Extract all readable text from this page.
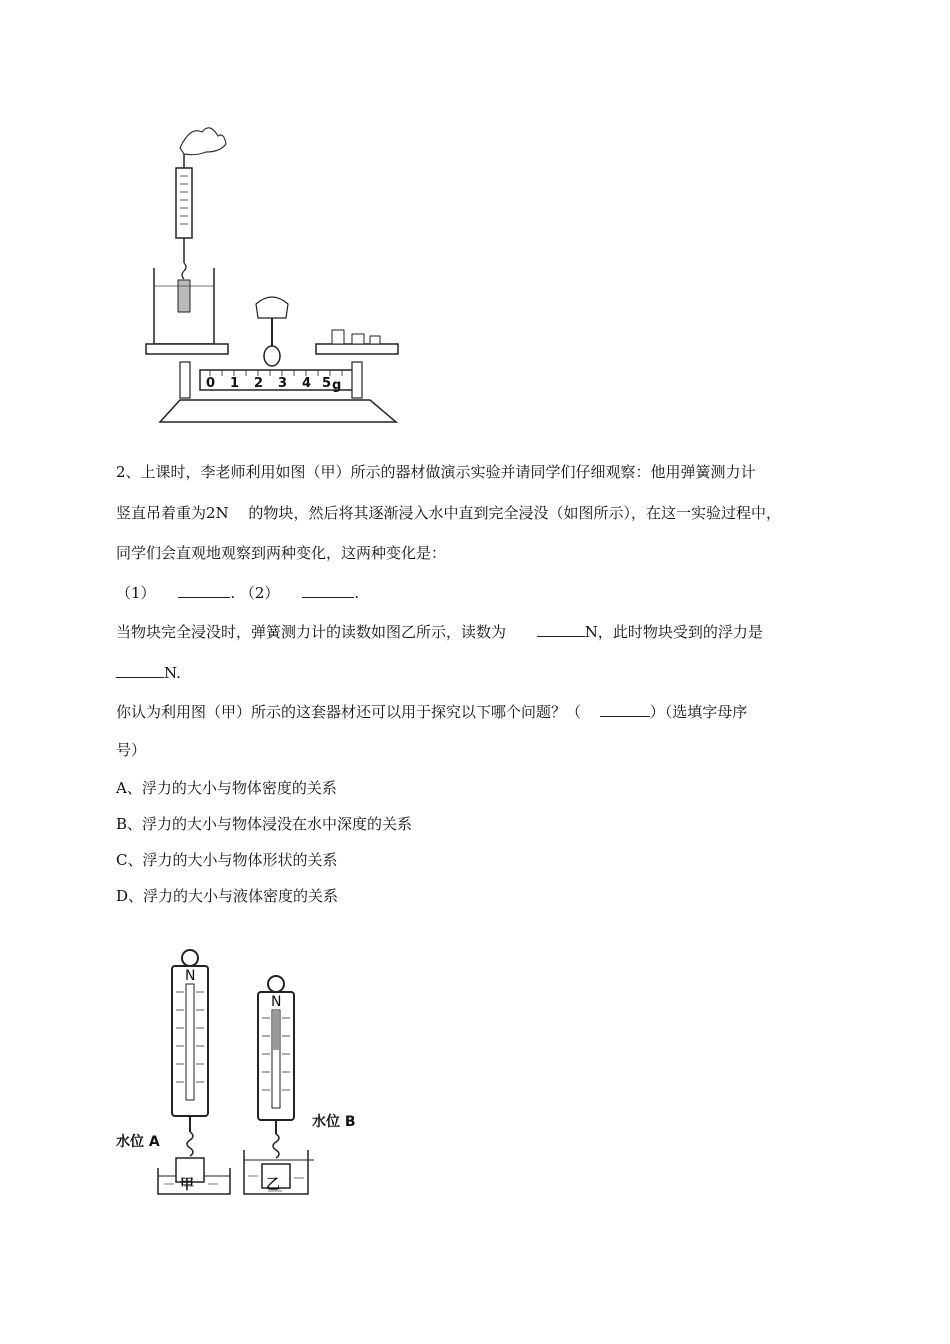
0 1 2 3 4 5 g
2、上课时，李老师利用如图（甲）所示的器材做演示实验并请同学们仔细观察：他用弹簧测力计
竖直吊着重为2N　 的物块，然后将其逐渐浸入水中直到完全浸没（如图所示），在这一实验过程中，
同学们会直观地观察到两种变化，这两种变化是：
（1）	. （2）	.
当物块完全浸没时，弹簧测力计的读数如图乙所示，读数为	N，此时物块受到的浮力是
N.
你认为利用图（甲）所示的这套器材还可以用于探究以下哪个问题？（	）（选填字母序
号）
A、浮力的大小与物体密度的关系
B、浮力的大小与物体浸没在水中深度的关系
C、浮力的大小与物体形状的关系
D、浮力的大小与液体密度的关系
N
N
水位 A
水位 B
甲	乙
